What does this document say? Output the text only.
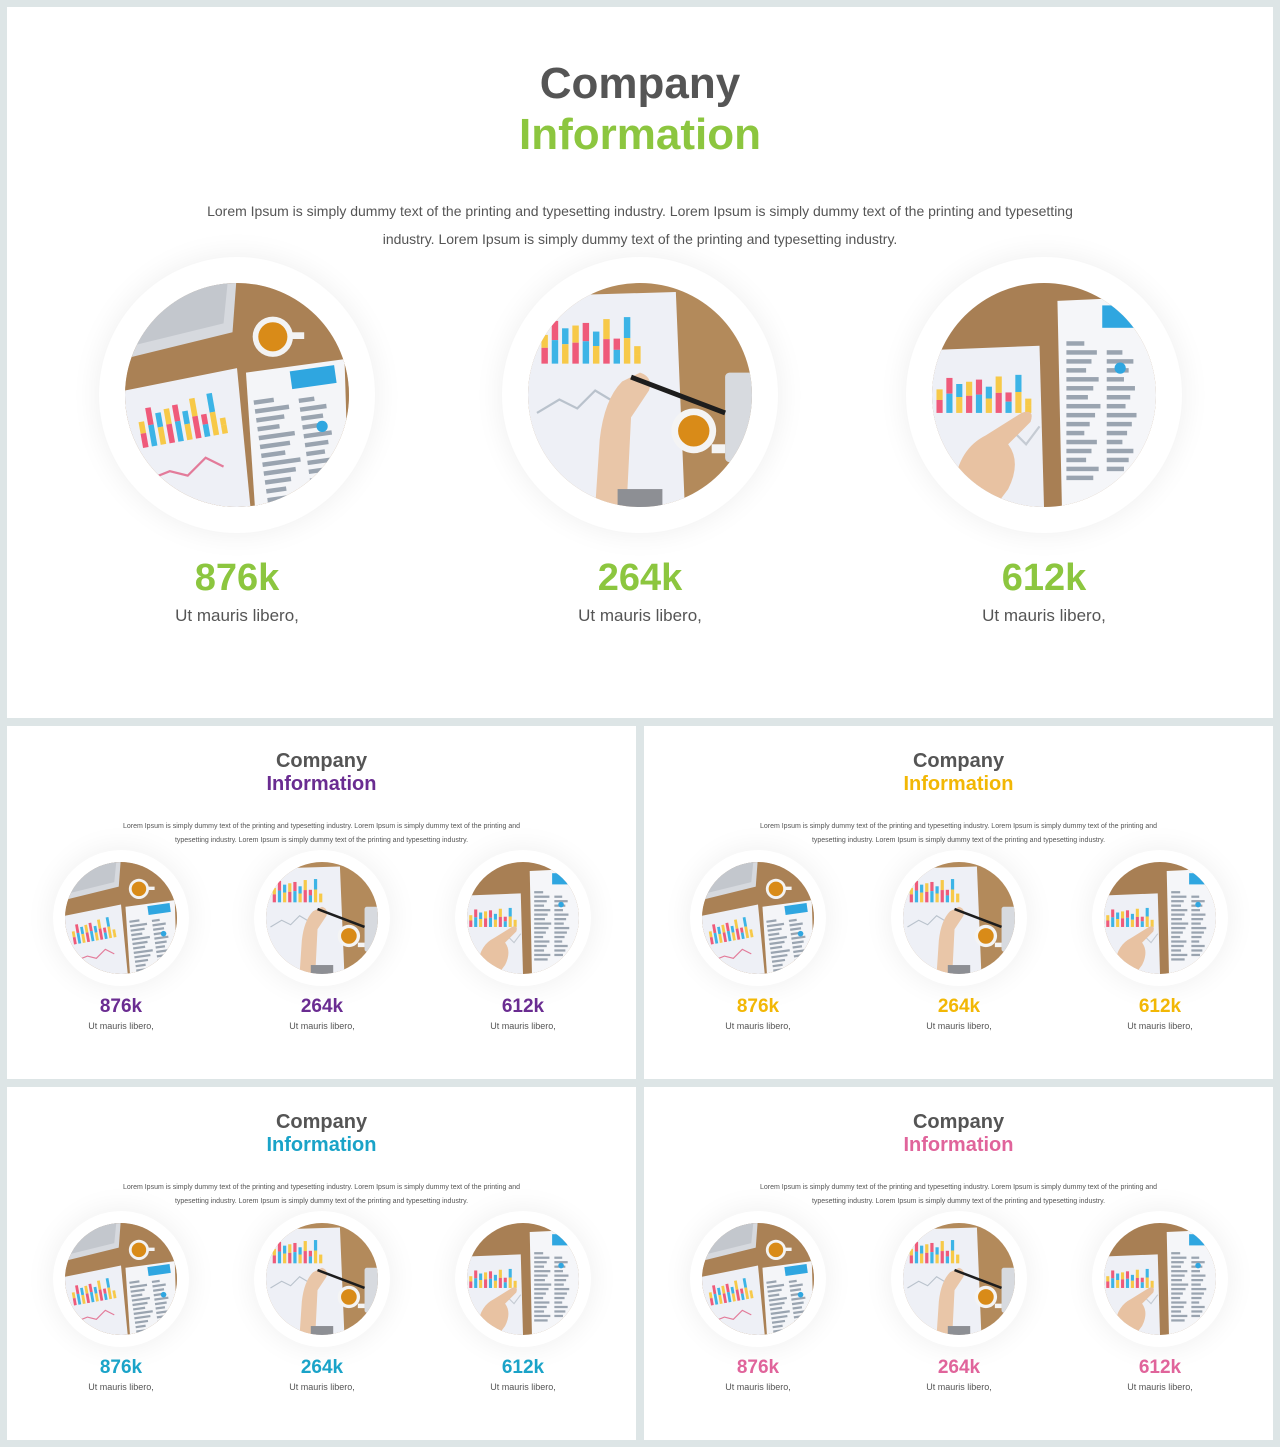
Company
Information
Lorem Ipsum is simply dummy text of the printing and typesetting industry. Lorem Ipsum is simply dummy text of the printing and typesetting industry. Lorem Ipsum is simply dummy text of the printing and typesetting industry.
876k
Ut mauris libero,
264k
Ut mauris libero,
612k
Ut mauris libero,
Company
Information
Lorem Ipsum is simply dummy text of the printing and typesetting industry. Lorem Ipsum is simply dummy text of the printing and typesetting industry. Lorem Ipsum is simply dummy text of the printing and typesetting industry.
876k
Ut mauris libero,
264k
Ut mauris libero,
612k
Ut mauris libero,
Company
Information
Lorem Ipsum is simply dummy text of the printing and typesetting industry. Lorem Ipsum is simply dummy text of the printing and typesetting industry. Lorem Ipsum is simply dummy text of the printing and typesetting industry.
876k
Ut mauris libero,
264k
Ut mauris libero,
612k
Ut mauris libero,
Company
Information
Lorem Ipsum is simply dummy text of the printing and typesetting industry. Lorem Ipsum is simply dummy text of the printing and typesetting industry. Lorem Ipsum is simply dummy text of the printing and typesetting industry.
876k
Ut mauris libero,
264k
Ut mauris libero,
612k
Ut mauris libero,
Company
Information
Lorem Ipsum is simply dummy text of the printing and typesetting industry. Lorem Ipsum is simply dummy text of the printing and typesetting industry. Lorem Ipsum is simply dummy text of the printing and typesetting industry.
876k
Ut mauris libero,
264k
Ut mauris libero,
612k
Ut mauris libero,
